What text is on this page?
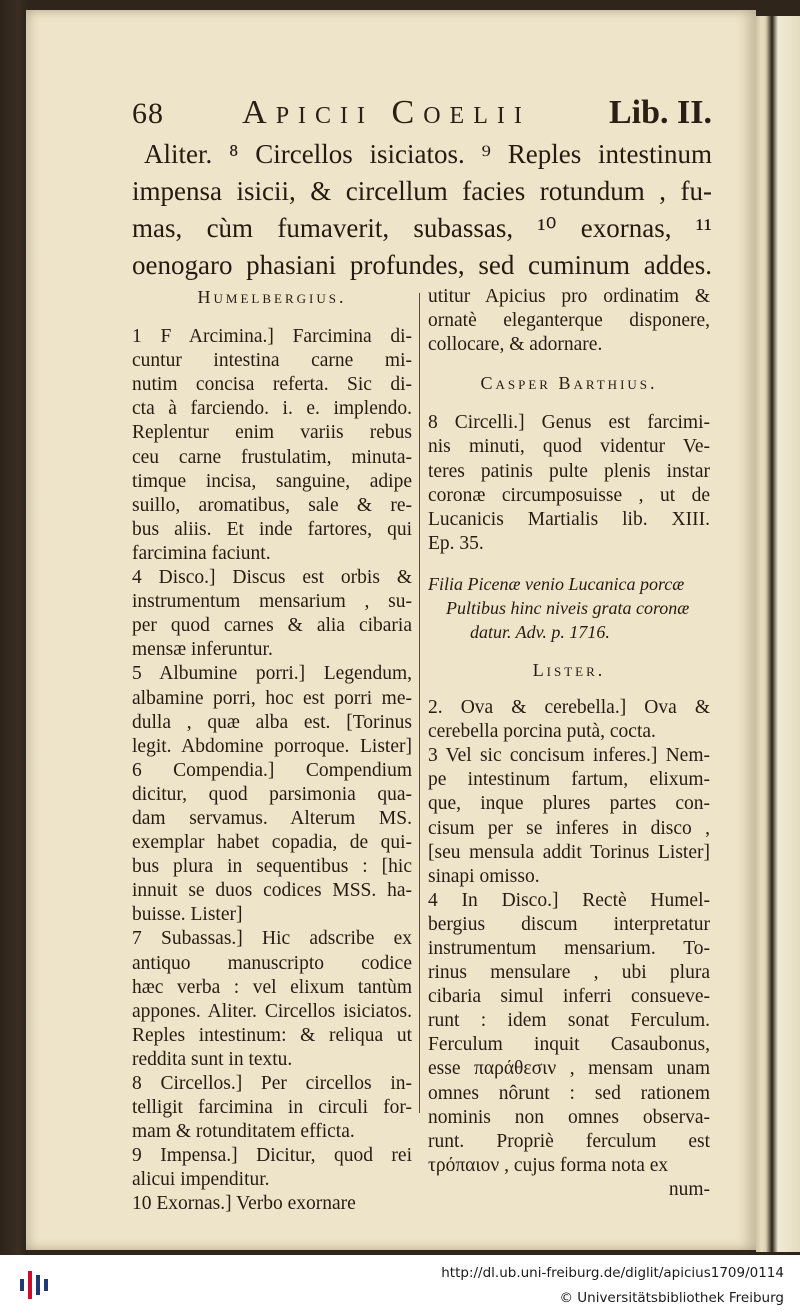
68 Apicii Coelii Lib. II.
Aliter. ⁸ Circellos isiciatos. ⁹ Reples intestinum
impensa isicii, & circellum facies rotundum , fu-
mas, cùm fumaverit, subassas, ¹⁰ exornas, ¹¹
oenogaro phasiani profundes, sed cuminum addes.

Humelbergius.

1 F Arcimina.] Farcimina di-
cuntur intestina carne mi-
nutim concisa referta. Sic di-
cta à farciendo. i. e. implendo.
Replentur enim variis rebus
ceu carne frustulatim, minuta-
timque incisa, sanguine, adipe
suillo, aromatibus, sale & re-
bus aliis. Et inde fartores, qui
farcimina faciunt.
4 Disco.] Discus est orbis &
instrumentum mensarium , su-
per quod carnes & alia cibaria
mensæ inferuntur.
5 Albumine porri.] Legendum,
albamine porri, hoc est porri me-
dulla , quæ alba est. [Torinus
legit. Abdomine porroque. Lister]
6 Compendia.] Compendium
dicitur, quod parsimonia qua-
dam servamus. Alterum MS.
exemplar habet copadia, de qui-
bus plura in sequentibus : [hic
innuit se duos codices MSS. ha-
buisse. Lister]
7 Subassas.] Hic adscribe ex
antiquo manuscripto codice
hæc verba : vel elixum tantùm
appones. Aliter. Circellos isiciatos.
Reples intestinum: & reliqua ut
reddita sunt in textu.
8 Circellos.] Per circellos in-
telligit farcimina in circuli for-
mam & rotunditatem efficta.
9 Impensa.] Dicitur, quod rei
alicui impenditur.
10 Exornas.] Verbo exornare
utitur Apicius pro ordinatim &
ornatè eleganterque disponere,
collocare, & adornare.

Casper Barthius.

8 Circelli.] Genus est farcimi-
nis minuti, quod videntur Ve-
teres patinis pulte plenis instar
coronæ circumposuisse , ut de
Lucanicis Martialis lib. XIII.
Ep. 35.
Filia Picenæ venio Lucanica porcæ
Pultibus hinc niveis grata coronæ
datur. Adv. p. 1716.

Lister.

2. Ova & cerebella.] Ova &
cerebella porcina putà, cocta.
3 Vel sic concisum inferes.] Nem-
pe intestinum fartum, elixum-
que, inque plures partes con-
cisum per se inferes in disco ,
[seu mensula addit Torinus Lister]
sinapi omisso.
4 In Disco.] Rectè Humel-
bergius discum interpretatur
instrumentum mensarium. To-
rinus mensulare , ubi plura
cibaria simul inferri consueve-
runt : idem sonat Ferculum.
Ferculum inquit Casaubonus,
esse παράθεσιν , mensam unam
omnes nôrunt : sed rationem
nominis non omnes observa-
runt. Propriè ferculum est
τρόπαιον , cujus forma nota ex
num-
http://dl.ub.uni-freiburg.de/diglit/apicius1709/0114
© Universitätsbibliothek Freiburg
